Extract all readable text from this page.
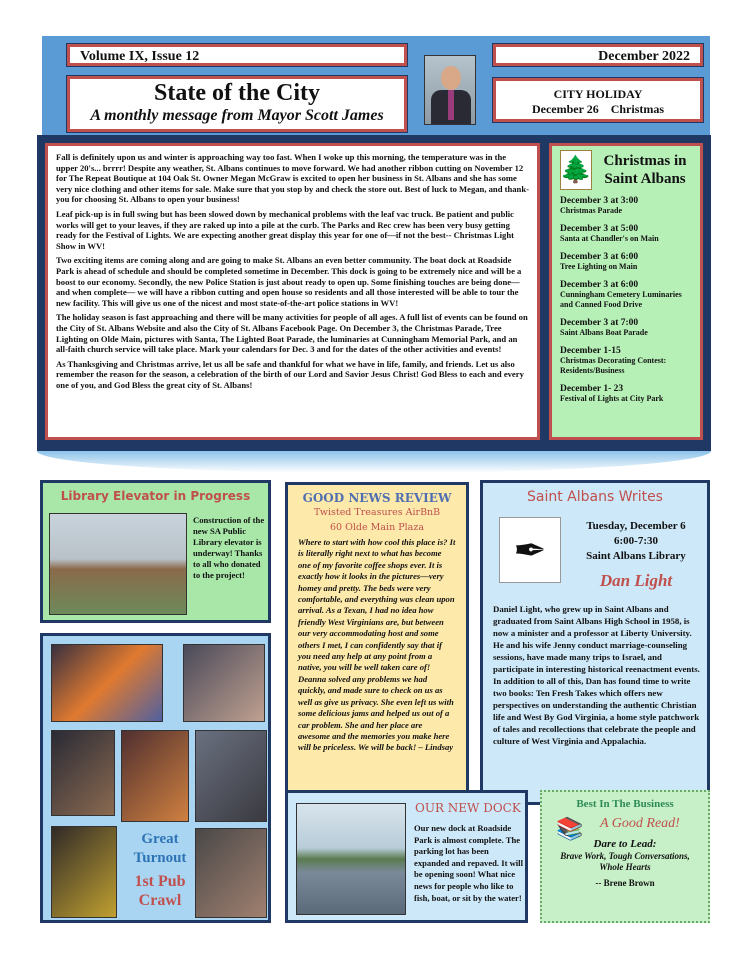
Volume IX, Issue 12	December 2022
State of the City

A monthly message from Mayor Scott James

CITY HOLIDAY
December 26 Christmas

Fall is definitely upon us and winter is approaching way too fast. When I woke up this morning, the temperature was in the upper 20's... brrrr! Despite any weather, St. Albans continues to move forward. We had another ribbon cutting on November 12 for The Repeat Boutique at 104 Oak St. Owner Megan McGraw is excited to open her business in St. Albans and she has some very nice clothing and other items for sale. Make sure that you stop by and check the store out. Best of luck to Megan, and thank-you for choosing St. Albans to open your business!

Leaf pick-up is in full swing but has been slowed down by mechanical problems with the leaf vac truck. Be patient and public works will get to your leaves, if they are raked up into a pile at the curb. The Parks and Rec crew has been very busy getting ready for the Festival of Lights. We are expecting another great display this year for one of—if not the best-- Christmas Light Show in WV!

Two exciting items are coming along and are going to make St. Albans an even better community. The boat dock at Roadside Park is ahead of schedule and should be completed sometime in December. This dock is going to be extremely nice and will be a boost to our economy. Secondly, the new Police Station is just about ready to open up. Some finishing touches are being done—and when complete— we will have a ribbon cutting and open house so residents and all those interested will be able to tour the new facility. This will give us one of the nicest and most state-of-the-art police stations in WV!

The holiday season is fast approaching and there will be many activities for people of all ages. A full list of events can be found on the City of St. Albans Website and also the City of St. Albans Facebook Page. On December 3, the Christmas Parade, Tree Lighting on Olde Main, pictures with Santa, The Lighted Boat Parade, the luminaries at Cunningham Memorial Park, and an all-faith church service will take place. Mark your calendars for Dec. 3 and for the dates of the other activities and events!

As Thanksgiving and Christmas arrive, let us all be safe and thankful for what we have in life, family, and friends. Let us also remember the reason for the season, a celebration of the birth of our Lord and Savior Jesus Christ! God Bless to each and every one of you, and God Bless the great city of St. Albans!

🌲 Christmas in Saint Albans
December 3 at 3:00
Christmas Parade
December 3 at 5:00
Santa at Chandler's on Main
December 3 at 6:00
Tree Lighting on Main
December 3 at 6:00
Cunningham Cemetery Luminaries and Canned Food Drive
December 3 at 7:00
Saint Albans Boat Parade
December 1-15
Christmas Decorating Contest: Residents/Business
December 1- 23
Festival of Lights at City Park
Library Elevator in Progress
Construction of the new SA Public Library elevator is underway! Thanks to all who donated to the project!
Great Turnout
1st Pub Crawl
GOOD NEWS REVIEW
Twisted Treasures AirBnB
60 Olde Main Plaza

Where to start with how cool this place is? It is literally right next to what has become one of my favorite coffee shops ever. It is exactly how it looks in the pictures—very homey and pretty. The beds were very comfortable, and everything was clean upon arrival. As a Texan, I had no idea how friendly West Virginians are, but between our very accommodating host and some others I met, I can confidently say that if you need any help at any point from a native, you will be well taken care of! Deanna solved any problems we had quickly, and made sure to check on us as well as give us privacy. She even left us with some delicious jams and helped us out of a car problem. She and her place are awesome and the memories you make here will be priceless. We will be back! – Lindsay

Saint Albans Writes
✒
Tuesday, December 6
6:00-7:30
Saint Albans Library
Dan Light

Daniel Light, who grew up in Saint Albans and graduated from Saint Albans High School in 1958, is now a minister and a professor at Liberty University. He and his wife Jenny conduct marriage-counseling sessions, have made many trips to Israel, and participate in interesting historical reenactment events. In addition to all of this, Dan has found time to write two books: Ten Fresh Takes which offers new perspectives on understanding the authentic Christian life and West By God Virginia, a home style patchwork of tales and recollections that celebrate the people and culture of West Virginia and Appalachia.

OUR NEW DOCK

Our new dock at Roadside Park is almost complete. The parking lot has been expanded and repaved. It will be opening soon! What nice news for people who like to fish, boat, or sit by the water!

Best In The Business
📚 A Good Read!
Dare to Lead:
Brave Work, Tough Conversations, Whole Hearts
-- Brene Brown
